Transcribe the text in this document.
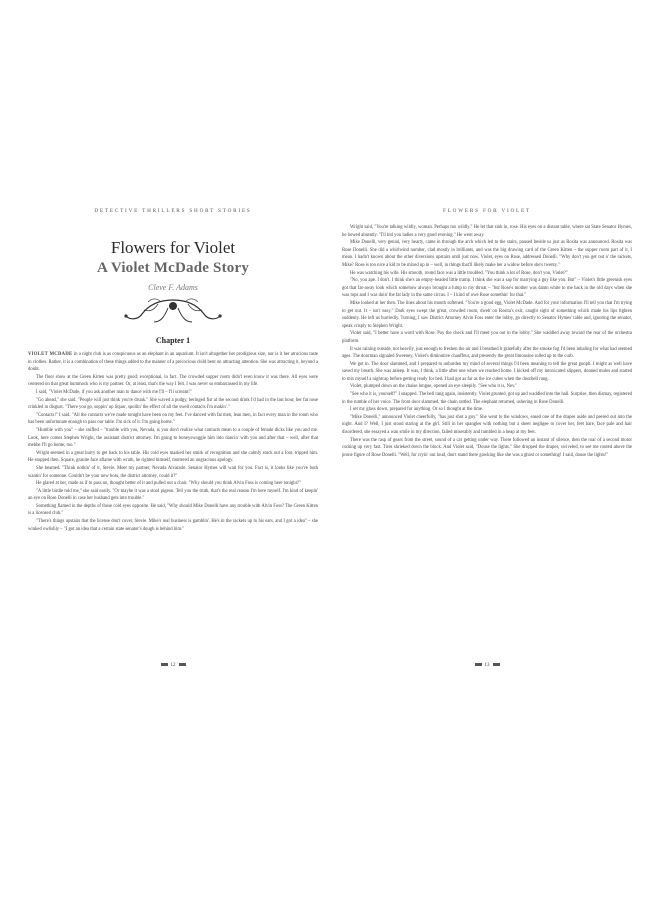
DETECTIVE THRILLERS SHORT STORIES
Flowers for Violet
A Violet McDade Story
Cleve F. Adams
Chapter 1

VIOLET MCDADE in a night club is as conspicuous as an elephant in an aquarium. It isn't altogether her prodigious size, nor is it her atrocious taste in clothes. Rather, it is a combination of these things added to the manner of a precocious child bent on attracting attention. She was attracting it, beyond a doubt.

The floor show at the Green Kitten was pretty good; exceptional, in fact. The crowded supper room didn't even know it was there. All eyes were centered on that great hummock who is my partner. Or, at least, that's the way I felt. I was never so embarrassed in my life.

I said, "Violet McDade, if you ask another man to dance with me I'll – I'll scream!"

"Go ahead," she said. "People will just think you're drunk." She waved a pudgy, beringed fist at the second drink I'd had in the last hour, her fat nose crinkled in disgust. "There you go, soppin' up liquor, spoilin' the effect of all the swell contacts I'm makin'."

"Contacts!" I said. "All the contacts we've made tonight have been on my feet. I've danced with fat men, lean men, in fact every man in the room who has been unfortunate enough to pass our table. I'm sick of it. I'm going home."

"Humble with you" – she sniffed – "trouble with you, Nevada, is you don't realize what contacts mean to a couple of female dicks like you and me. Look, here comes Stephen Wright, the assistant district attorney. I'm going to honeyswoggle him into dancin' with you and after that – well, after that mebbe I'll go home, too."

Wright seemed in a great hurry to get back to his table. His cold eyes masked her smirk of recognition and she calmly stuck out a foot, tripped him. He stopped then. Square, granite face aflame with wrath, he righted himself, muttered an ungracious apology.

She beamed. "Think nothin' of it, Stevie. Meet my partner, Nevada Alvarado. Senator Hymes will wait for you. Fact is, it looks like you've both wantin' for someone. Couldn't be your new boss, the district attorney, could it?"

He glared at her, made as if to pass on, thought better of it and pulled out a chair. "Why should you think Alvin Foss is coming here tonight?"

"A little birdie told me," she said easily. "Or maybe it was a stool pigeon. Tell you the truth, that's the real reason I'm here myself. I'm kind of keepin' an eye on Rose Donelli in case her husband gets into trouble."

Something flamed in the depths of those cold eyes opposite. He said, "Why should Mike Donelli have any trouble with Alvin Foss? The Green Kitten is a licensed club."

"There's things upstairs that the license don't cover, Stevie. Mike's real business is gamblin'. He's in the rackets up to his ears, and I got a idea" – she winked owlishly – "I got an idea that a certain state senator's dough is behind him."

12
FLOWERS FOR VIOLET

Wright said, "You're talking wildly, woman. Perhaps too wildly." He let that sink in, rose. His eyes on a distant table, where sat State Senator Hymes, he bowed absently. "I'll bid you ladies a very good evening." He went away.

Mike Donelli, very genial, very hearty, came in through the arch which led to the stairs, paused beside us just as Rosita was announced. Rosita was Rose Donelli. She did a whirlwind number, clad mostly in brilliants, and was the big drawing card of the Green Kitten – the supper room part of it, I mean. I hadn't known about the other diversions upstairs until just now. Violet, eyes on Rose, addressed Donelli. "Why don't you get out o' the rackets, Mike? Rose is too nice a kid to be mixed up in – well, in things that'll likely make her a widow before she's twenty."

He was watching his wife. His smooth, round face was a little troubled. "You think a lot of Rose, don't you, Violet?"

"No, you ape. I don't. I think she's an empty-headed little tramp. I think she was a sap for marrying a guy like you. But" – Violet's little greenish eyes got that far-away look which somehow always brought a lump to my throat – "but Rose's mother was damn white to me back in the old days when she was tops and I was doin' the fat lady in the same circus. I – I kind of owe Rose somethin' for that."

Mike looked at her then. The lines about his mouth softened. "You're a good egg, Violet McDade. And for your information I'll tell you that I'm trying to get out. It – isn't easy." Dark eyes swept the great, crowded room, dwelt on Rosita's exit, caught sight of something which made his lips tighten suddenly. He left us hurriedly. Turning, I saw District Attorney Alvin Foss enter the lobby, go directly to Senator Hymes' table and, ignoring the senator, speak crisply to Stephen Wright.

Violet said, "I better have a word with Rose. Pay the check and I'll meet you out in the lobby." She waddled away toward the rear of the orchestra platform.

It was raining outside, not heavily, just enough to freshen the air and I breathed it gratefully after the smoke fog I'd been inhaling for what had seemed ages. The doorman signaled Sweeney, Violet's diminutive chauffeur, and presently the great limousine rolled up to the curb.

We got in. The door slammed, and I prepared to unburden my mind of several things I'd been meaning to tell the great goopb. I might as well have saved my breath. She was asleep. It was, I think, a little after one when we reached home. I kicked off my intoxicated slippers, donned mules and started to mix myself a nightcap before getting ready for bed. I had got as far as the ice cubes when the doorbell rang.

Violet, plumped down on the chaise longue, opened an eye sleepily. "See who it is, Nev."

"See who it is, yourself!" I snapped. The bell rang again, insistently. Violet grunted, got up and waddled into the hall. Surprise, then dismay, registered in the rumble of her voice. The front door slammed, the chain rattled. The elephant returned, ushering in Rose Donelli.

I set my glass down, prepared for anything. Or so I thought at the time.

"Mike Donelli," announced Violet cheerfully, "has just shot a guy." She went to the windows, eased one of the drapes aside and peered out into the night. And I? Well, I just stood staring at the girl. Still in her spangles with nothing but a sheer negligee to cover her, feet bare, face pale and hair disordered, she essayed a wan smile in my direction, failed miserably and tumbled in a heap at my feet.

There was the rasp of gears from the street, sound of a car getting under way. There followed an instant of silence, then the roar of a second motor coming up very fast. Tires shrieked down the block. And Violet said, "Douse the lights." She dropped the drapes, swiveled, to see me rooted above the prone figure of Rose Donelli. "Well, for cryin' out loud, don't stand there gawking like she was a ghost or something! I said, douse the lights!"

13
